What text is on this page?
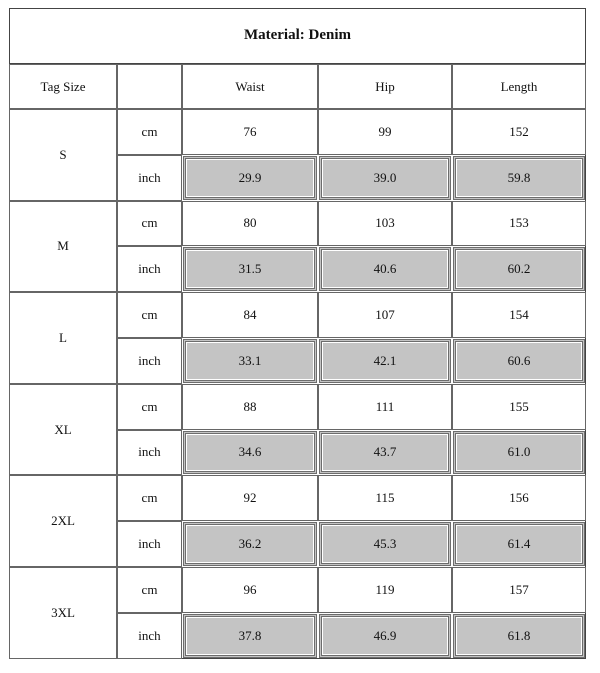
Material: Denim
Tag Size	Waist	Hip	Length
S
cm	76	99	152
inch	29.9	39.0	59.8
M
cm	80	103	153
inch	31.5	40.6	60.2
L
cm	84	107	154
inch	33.1	42.1	60.6
XL
cm	88	111	155
inch	34.6	43.7	61.0
2XL
cm	92	115	156
inch	36.2	45.3	61.4
3XL
cm	96	119	157
inch	37.8	46.9	61.8
